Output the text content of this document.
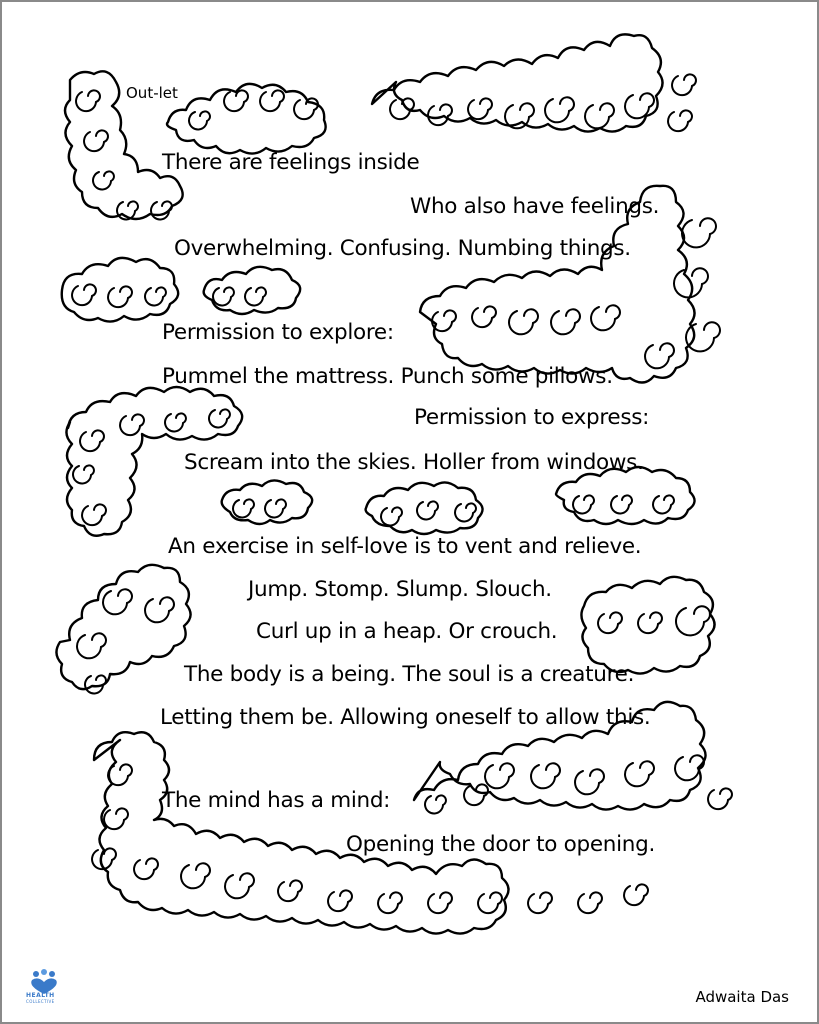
Out-let
There are feelings inside
Who also have feelings.
Overwhelming. Confusing. Numbing things.
Permission to explore:
Pummel the mattress. Punch some pillows.
Permission to express:
Scream into the skies. Holler from windows.
An exercise in self-love is to vent and relieve.
Jump. Stomp. Slump. Slouch.
Curl up in a heap. Or crouch.
The body is a being. The soul is a creature.
Letting them be. Allowing oneself to allow this.
The mind has a mind:
Opening the door to opening.
HEALTH
COLLECTIVE	Adwaita Das
